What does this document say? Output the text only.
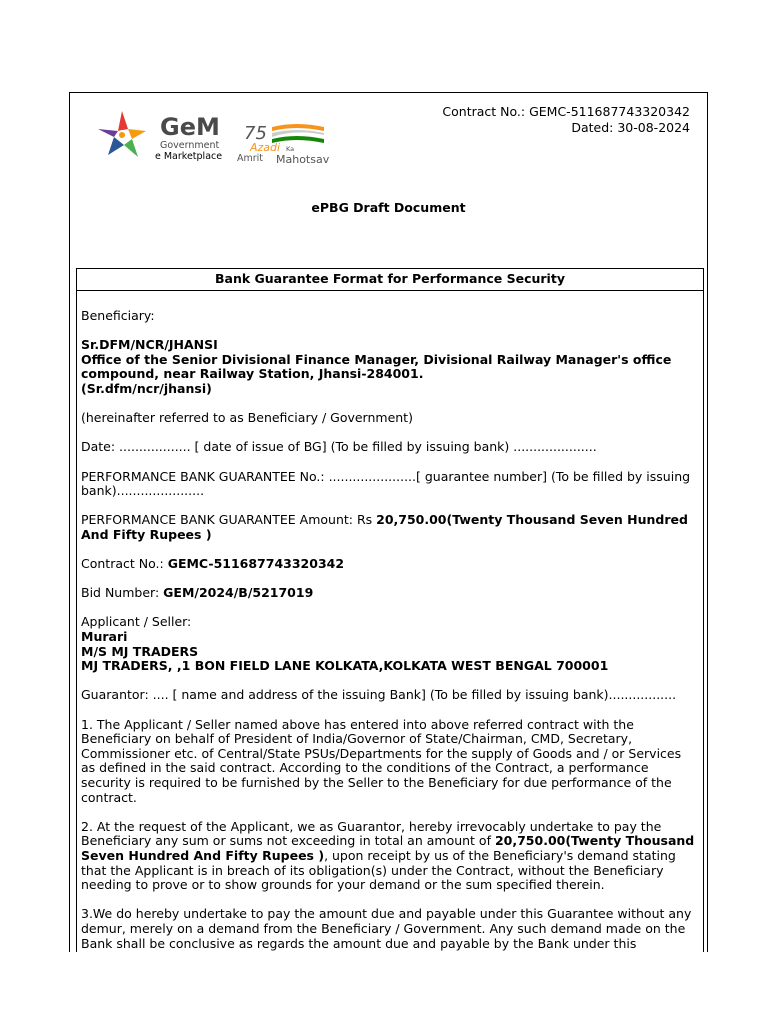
GeM
Government
e Marketplace
75
Azadi Ka
Amrit Mahotsav
Contract No.: GEMC-511687743320342
Dated: 30-08-2024
ePBG Draft Document
Bank Guarantee Format for Performance Security

Beneficiary:

Sr.DFM/NCR/JHANSI
Office of the Senior Divisional Finance Manager, Divisional Railway Manager's office compound, near Railway Station, Jhansi-284001.
(Sr.dfm/ncr/jhansi)

(hereinafter referred to as Beneficiary / Government)

Date: .................. [ date of issue of BG] (To be filled by issuing bank) .....................

PERFORMANCE BANK GUARANTEE No.: ......................[ guarantee number] (To be filled by issuing bank)......................

PERFORMANCE BANK GUARANTEE Amount: Rs 20,750.00(Twenty Thousand Seven Hundred And Fifty Rupees )

Contract No.: GEMC-511687743320342

Bid Number: GEM/2024/B/5217019

Applicant / Seller:
Murari
M/S MJ TRADERS
MJ TRADERS, ,1 BON FIELD LANE KOLKATA,KOLKATA WEST BENGAL 700001

Guarantor: .... [ name and address of the issuing Bank] (To be filled by issuing bank).................

1. The Applicant / Seller named above has entered into above referred contract with the Beneficiary on behalf of President of India/Governor of State/Chairman, CMD, Secretary, Commissioner etc. of Central/State PSUs/Departments for the supply of Goods and / or Services as defined in the said contract. According to the conditions of the Contract, a performance security is required to be furnished by the Seller to the Beneficiary for due performance of the contract.

2. At the request of the Applicant, we as Guarantor, hereby irrevocably undertake to pay the Beneficiary any sum or sums not exceeding in total an amount of 20,750.00(Twenty Thousand Seven Hundred And Fifty Rupees ), upon receipt by us of the Beneficiary's demand stating that the Applicant is in breach of its obligation(s) under the Contract, without the Beneficiary needing to prove or to show grounds for your demand or the sum specified therein.

3.We do hereby undertake to pay the amount due and payable under this Guarantee without any demur, merely on a demand from the Beneficiary / Government. Any such demand made on the Bank shall be conclusive as regards the amount due and payable by the Bank under this
